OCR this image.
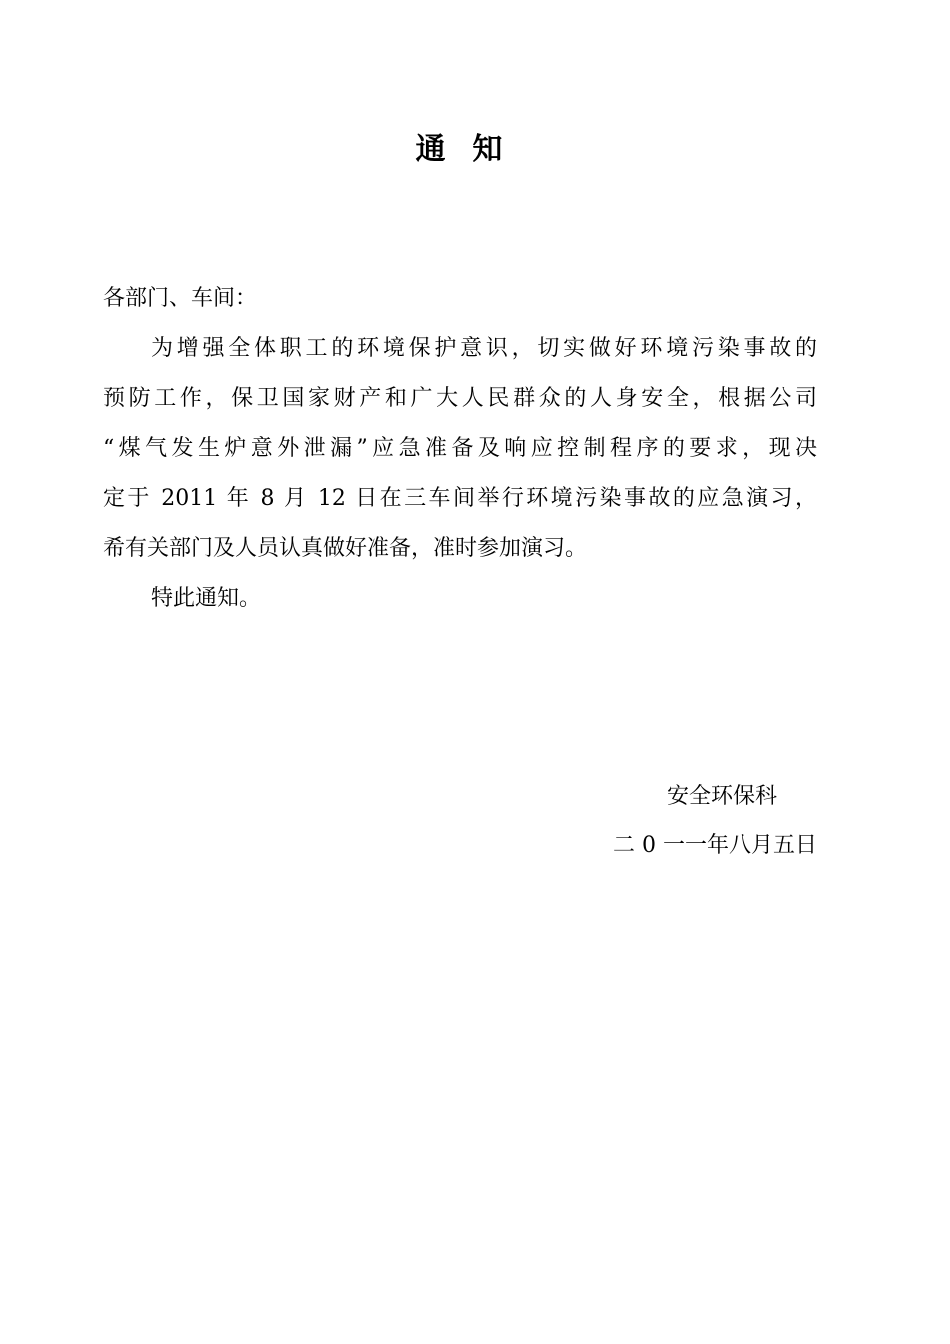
通  知
各部门、车间：
为增强全体职工的环境保护意识，切实做好环境污染事故的
预防工作，保卫国家财产和广大人民群众的人身安全，根据公司
“煤气发生炉意外泄漏”应急准备及响应控制程序的要求，现决
定于 2011 年 8 月 12 日在三车间举行环境污染事故的应急演习，
希有关部门及人员认真做好准备，准时参加演习。
特此通知。
安全环保科
二 0 一一年八月五日
